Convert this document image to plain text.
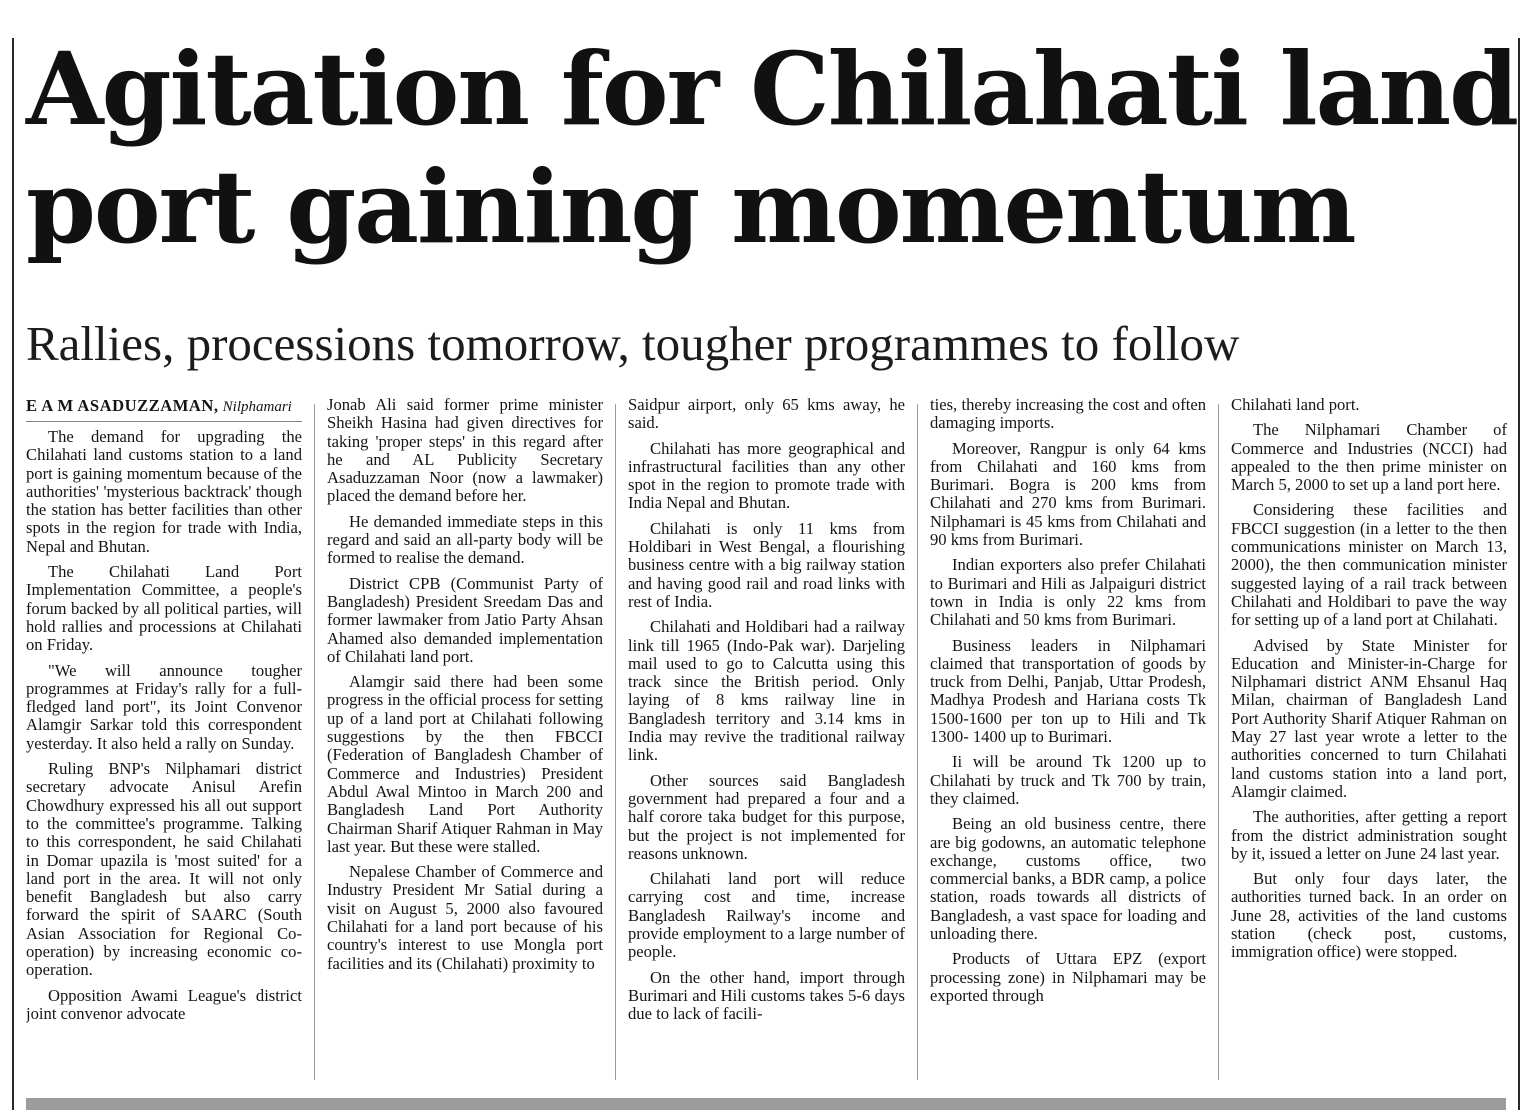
Agitation for Chilahati land
port gaining momentum
Rallies, processions tomorrow, tougher programmes to follow
E A M ASADUZZAMAN, Nilphamari

The demand for upgrading the Chilahati land customs station to a land port is gaining momentum because of the authorities' 'mysterious backtrack' though the station has better facilities than other spots in the region for trade with India, Nepal and Bhutan.

The Chilahati Land Port Implementation Committee, a people's forum backed by all political parties, will hold rallies and processions at Chilahati on Friday.

"We will announce tougher programmes at Friday's rally for a full-fledged land port", its Joint Convenor Alamgir Sarkar told this correspondent yesterday. It also held a rally on Sunday.

Ruling BNP's Nilphamari district secretary advocate Anisul Arefin Chowdhury expressed his all out support to the committee's programme. Talking to this correspondent, he said Chilahati in Domar upazila is 'most suited' for a land port in the area. It will not only benefit Bangladesh but also carry forward the spirit of SAARC (South Asian Association for Regional Co-operation) by increasing economic co-operation.

Opposition Awami League's district joint convenor advocate

Jonab Ali said former prime minister Sheikh Hasina had given directives for taking 'proper steps' in this regard after he and AL Publicity Secretary Asaduzzaman Noor (now a lawmaker) placed the demand before her.

He demanded immediate steps in this regard and said an all-party body will be formed to realise the demand.

District CPB (Communist Party of Bangladesh) President Sreedam Das and former lawmaker from Jatio Party Ahsan Ahamed also demanded implementation of Chilahati land port.

Alamgir said there had been some progress in the official process for setting up of a land port at Chilahati following suggestions by the then FBCCI (Federation of Bangladesh Chamber of Commerce and Industries) President Abdul Awal Mintoo in March 200 and Bangladesh Land Port Authority Chairman Sharif Atiquer Rahman in May last year. But these were stalled.

Nepalese Chamber of Commerce and Industry President Mr Satial during a visit on August 5, 2000 also favoured Chilahati for a land port because of his country's interest to use Mongla port facilities and its (Chilahati) proximity to

Saidpur airport, only 65 kms away, he said.

Chilahati has more geographical and infrastructural facilities than any other spot in the region to promote trade with India Nepal and Bhutan.

Chilahati is only 11 kms from Holdibari in West Bengal, a flourishing business centre with a big railway station and having good rail and road links with rest of India.

Chilahati and Holdibari had a railway link till 1965 (Indo-Pak war). Darjeling mail used to go to Calcutta using this track since the British period. Only laying of 8 kms railway line in Bangladesh territory and 3.14 kms in India may revive the traditional railway link.

Other sources said Bangladesh government had prepared a four and a half corore taka budget for this purpose, but the project is not implemented for reasons unknown.

Chilahati land port will reduce carrying cost and time, increase Bangladesh Railway's income and provide employment to a large number of people.

On the other hand, import through Burimari and Hili customs takes 5-6 days due to lack of facili-

ties, thereby increasing the cost and often damaging imports.

Moreover, Rangpur is only 64 kms from Chilahati and 160 kms from Burimari. Bogra is 200 kms from Chilahati and 270 kms from Burimari. Nilphamari is 45 kms from Chilahati and 90 kms from Burimari.

Indian exporters also prefer Chilahati to Burimari and Hili as Jalpaiguri district town in India is only 22 kms from Chilahati and 50 kms from Burimari.

Business leaders in Nilphamari claimed that transportation of goods by truck from Delhi, Panjab, Uttar Prodesh, Madhya Prodesh and Hariana costs Tk 1500-1600 per ton up to Hili and Tk 1300- 1400 up to Burimari.

Ii will be around Tk 1200 up to Chilahati by truck and Tk 700 by train, they claimed.

Being an old business centre, there are big godowns, an automatic telephone exchange, customs office, two commercial banks, a BDR camp, a police station, roads towards all districts of Bangladesh, a vast space for loading and unloading there.

Products of Uttara EPZ (export processing zone) in Nilphamari may be exported through

Chilahati land port.

The Nilphamari Chamber of Commerce and Industries (NCCI) had appealed to the then prime minister on March 5, 2000 to set up a land port here.

Considering these facilities and FBCCI suggestion (in a letter to the then communications minister on March 13, 2000), the then communication minister suggested laying of a rail track between Chilahati and Holdibari to pave the way for setting up of a land port at Chilahati.

Advised by State Minister for Education and Minister-in-Charge for Nilphamari district ANM Ehsanul Haq Milan, chairman of Bangladesh Land Port Authority Sharif Atiquer Rahman on May 27 last year wrote a letter to the authorities concerned to turn Chilahati land customs station into a land port, Alamgir claimed.

The authorities, after getting a report from the district administration sought by it, issued a letter on June 24 last year.

But only four days later, the authorities turned back. In an order on June 28, activities of the land customs station (check post, customs, immigration office) were stopped.
